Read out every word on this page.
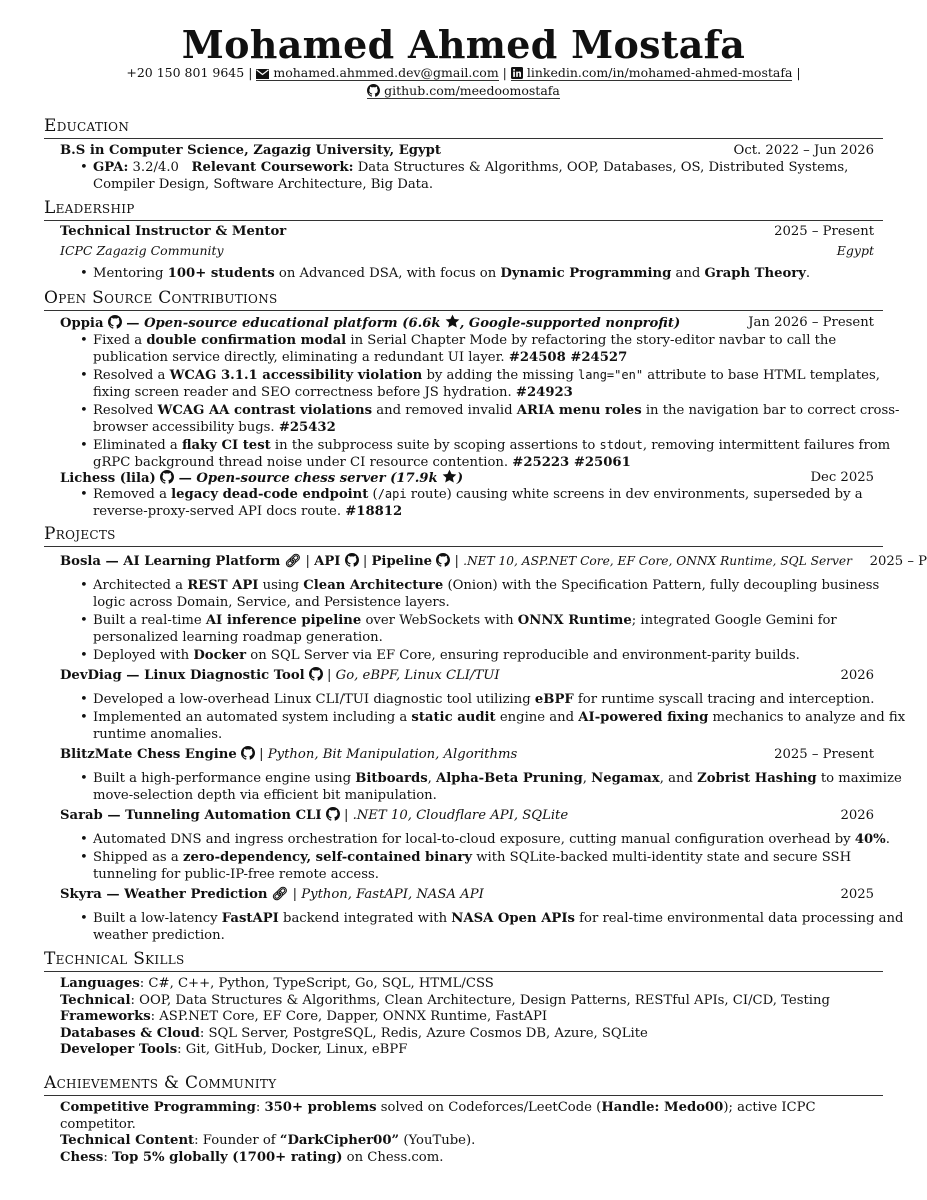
Mohamed Ahmed Mostafa
+20 150 801 9645 |  mohamed.ahmmed.dev@gmail.com |  linkedin.com/in/mohamed-ahmed-mostafa |
github.com/meedoomostafa
Education
B.S in Computer Science, Zagazig University, Egypt	Oct. 2022 – Jun 2026
• GPA: 3.2/4.0 Relevant Coursework: Data Structures & Algorithms, OOP, Databases, OS, Distributed Systems, Compiler Design, Software Architecture, Big Data.
Leadership
Technical Instructor & Mentor	2025 – Present
ICPC Zagazig Community	Egypt
• Mentoring 100+ students on Advanced DSA, with focus on Dynamic Programming and Graph Theory.
Open Source Contributions
Oppia  — Open-source educational platform (6.6k , Google-supported nonprofit)	Jan 2026 – Present
• Fixed a double confirmation modal in Serial Chapter Mode by refactoring the story-editor navbar to call the publication service directly, eliminating a redundant UI layer. #24508 #24527
• Resolved a WCAG 3.1.1 accessibility violation by adding the missing lang="en" attribute to base HTML templates, fixing screen reader and SEO correctness before JS hydration. #24923
• Resolved WCAG AA contrast violations and removed invalid ARIA menu roles in the navigation bar to correct cross-browser accessibility bugs. #25432
• Eliminated a flaky CI test in the subprocess suite by scoping assertions to stdout, removing intermittent failures from gRPC background thread noise under CI resource contention. #25223 #25061
Lichess (lila)  — Open-source chess server (17.9k )	Dec 2025
• Removed a legacy dead-code endpoint (/api route) causing white screens in dev environments, superseded by a reverse-proxy-served API docs route. #18812
Projects
Bosla — AI Learning Platform 🔗︎ | API  | Pipeline  | .NET 10, ASP.NET Core, EF Core, ONNX Runtime, SQL Server 2025 – P
• Architected a REST API using Clean Architecture (Onion) with the Specification Pattern, fully decoupling business logic across Domain, Service, and Persistence layers.
• Built a real-time AI inference pipeline over WebSockets with ONNX Runtime; integrated Google Gemini for personalized learning roadmap generation.
• Deployed with Docker on SQL Server via EF Core, ensuring reproducible and environment-parity builds.
DevDiag — Linux Diagnostic Tool  | Go, eBPF, Linux CLI/TUI	2026
• Developed a low-overhead Linux CLI/TUI diagnostic tool utilizing eBPF for runtime syscall tracing and interception.
• Implemented an automated system including a static audit engine and AI-powered fixing mechanics to analyze and fix runtime anomalies.
BlitzMate Chess Engine  | Python, Bit Manipulation, Algorithms	2025 – Present
• Built a high-performance engine using Bitboards, Alpha-Beta Pruning, Negamax, and Zobrist Hashing to maximize move-selection depth via efficient bit manipulation.
Sarab — Tunneling Automation CLI  | .NET 10, Cloudflare API, SQLite	2026
• Automated DNS and ingress orchestration for local-to-cloud exposure, cutting manual configuration overhead by 40%.
• Shipped as a zero-dependency, self-contained binary with SQLite-backed multi-identity state and secure SSH tunneling for public-IP-free remote access.
Skyra — Weather Prediction 🔗︎ | Python, FastAPI, NASA API	2025
• Built a low-latency FastAPI backend integrated with NASA Open APIs for real-time environmental data processing and weather prediction.
Technical Skills
Languages: C#, C++, Python, TypeScript, Go, SQL, HTML/CSS
Technical: OOP, Data Structures & Algorithms, Clean Architecture, Design Patterns, RESTful APIs, CI/CD, Testing
Frameworks: ASP.NET Core, EF Core, Dapper, ONNX Runtime, FastAPI
Databases & Cloud: SQL Server, PostgreSQL, Redis, Azure Cosmos DB, Azure, SQLite
Developer Tools: Git, GitHub, Docker, Linux, eBPF
Achievements & Community
Competitive Programming: 350+ problems solved on Codeforces/LeetCode (Handle: Medo00); active ICPC competitor.
Technical Content: Founder of “DarkCipher00” (YouTube).
Chess: Top 5% globally (1700+ rating) on Chess.com.
